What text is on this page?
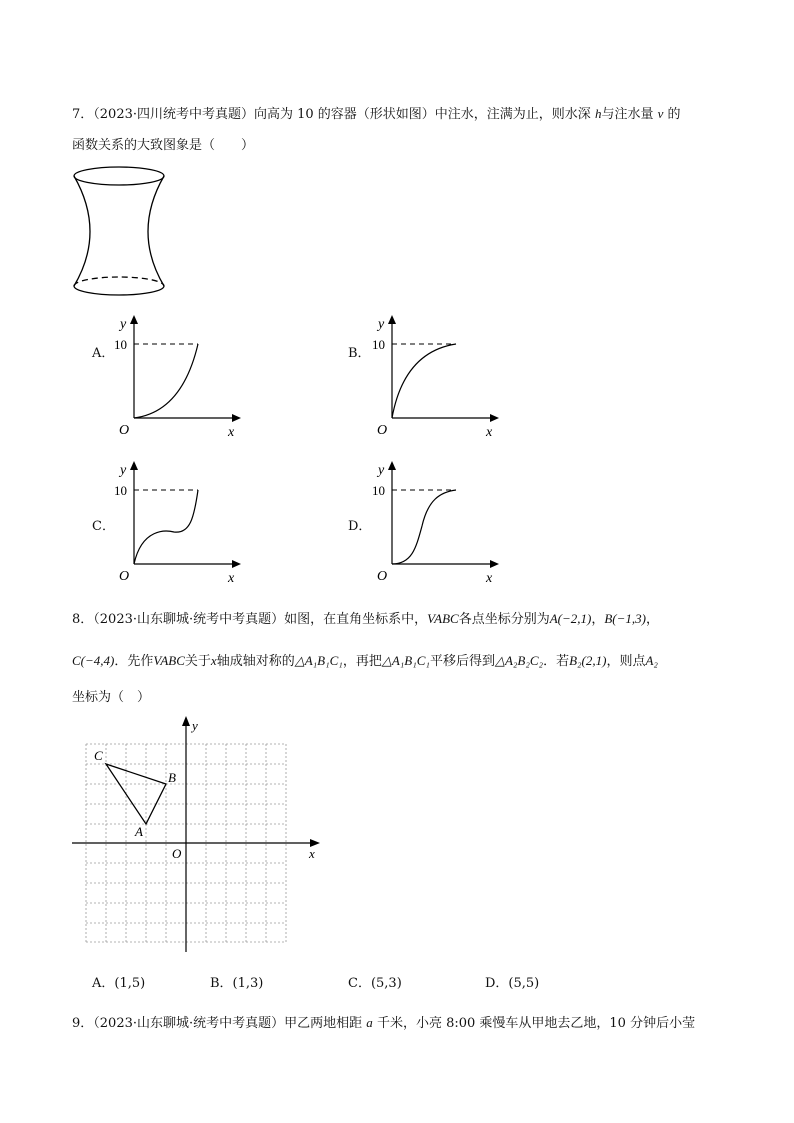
7．（2023·四川统考中考真题）向高为 10 的容器（形状如图）中注水，注满为止，则水深 h与注水量 v 的
函数关系的大致图象是（　　）
A．
y
10
O	x
B．
y
10
O	x
C．
y
10
O	x
D．
y
10
O	x
8．（2023·山东聊城·统考中考真题）如图，在直角坐标系中，VABC各点坐标分别为A(−2,1)，B(−1,3)，
C(−4,4)．先作VABC关于x轴成轴对称的△A₁B₁C₁，再把△A₁B₁C₁平移后得到△A₂B₂C₂．若B₂(2,1)，则点A₂
坐标为（　）
C
B
A
O	x
y
A．(1,5)	B．(1,3)	C．(5,3)	D．(5,5)
9．（2023·山东聊城·统考中考真题）甲乙两地相距 a 千米，小亮 8:00 乘慢车从甲地去乙地，10 分钟后小莹
